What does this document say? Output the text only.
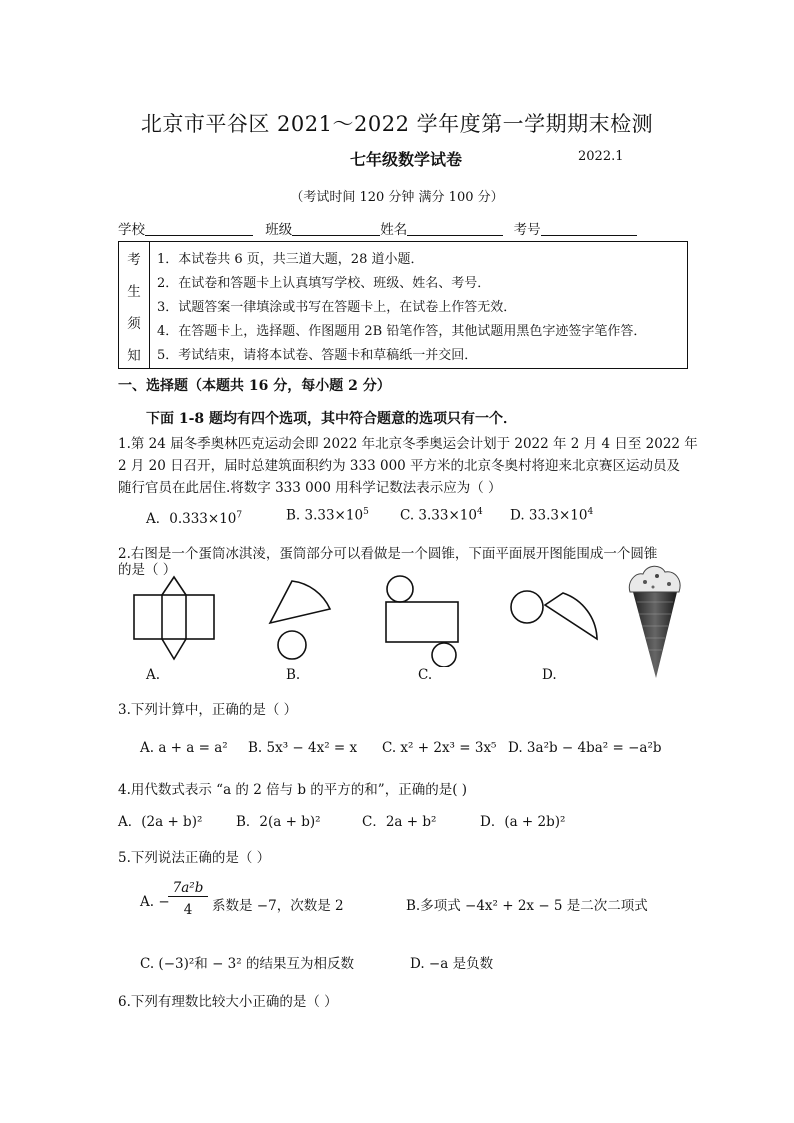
北京市平谷区 2021～2022 学年度第一学期期末检测
七年级数学试卷	2022.1
（考试时间 120 分钟 满分 100 分）
学校	班级	姓名	考号
考
生
须
知
1．本试卷共 6 页，共三道大题，28 道小题．
2．在试卷和答题卡上认真填写学校、班级、姓名、考号．
3．试题答案一律填涂或书写在答题卡上，在试卷上作答无效．
4．在答题卡上，选择题、作图题用 2B 铅笔作答，其他试题用黑色字迹签字笔作答．
5．考试结束，请将本试卷、答题卡和草稿纸一并交回．
一、选择题（本题共 16 分，每小题 2 分）
下面 1-8 题均有四个选项，其中符合题意的选项只有一个．
1.第 24 届冬季奥林匹克运动会即 2022 年北京冬季奥运会计划于 2022 年 2 月 4 日至 2022 年
2 月 20 日召开，届时总建筑面积约为 333 000 平方米的北京冬奥村将迎来北京赛区运动员及
随行官员在此居住.将数字 333 000 用科学记数法表示应为（ ）
A．$0.333\times 10^7$	B. $3.33\times 10^5$ C. $3.33\times 10^4$ D. $33.3\times 10^4$
2.右图是一个蛋筒冰淇淩，蛋筒部分可以看做是一个圆锥，下面平面展开图能围成一个圆锥
的是（ ）
A.	B.	C.	D.
3.下列计算中，正确的是（ ）
A. a + a = a² B. 5x³ − 4x² = x C. x² + 2x³ = 3x⁵ D. 3a²b − 4ba² = −a²b
4.用代数式表示 “a 的 2 倍与 b 的平方的和”，正确的是( )
A．(2a + b)² B．2(a + b)²	C．2a + b²	D．(a + 2b)²
5.下列说法正确的是（ ）
A. −
7a²b
4	系数是 −7，次数是 2	B.多项式 −4x² + 2x − 5 是二次二项式
C. (−3)²和 − 3² 的结果互为相反数	D. −a 是负数
6.下列有理数比较大小正确的是（ ）
